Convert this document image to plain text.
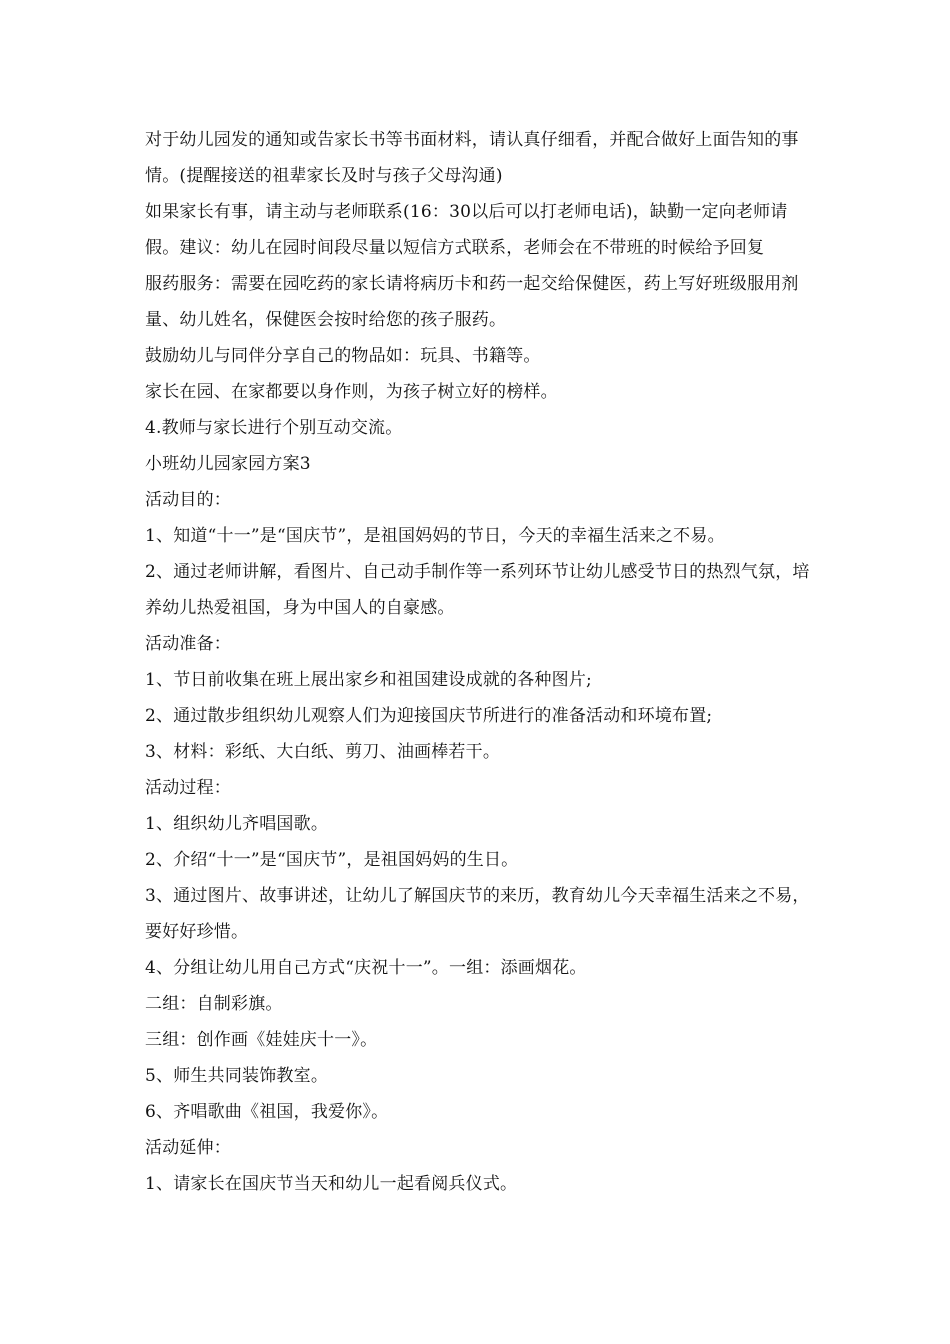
对于幼儿园发的通知或告家长书等书面材料，请认真仔细看，并配合做好上面告知的事情。(提醒接送的祖辈家长及时与孩子父母沟通)

如果家长有事，请主动与老师联系(16：30以后可以打老师电话)，缺勤一定向老师请假。建议：幼儿在园时间段尽量以短信方式联系，老师会在不带班的时候给予回复

服药服务：需要在园吃药的家长请将病历卡和药一起交给保健医，药上写好班级服用剂量、幼儿姓名，保健医会按时给您的孩子服药。

鼓励幼儿与同伴分享自己的物品如：玩具、书籍等。

家长在园、在家都要以身作则，为孩子树立好的榜样。

4.教师与家长进行个别互动交流。

小班幼儿园家园方案3

活动目的：

1、知道“十一”是“国庆节”，是祖国妈妈的节日，今天的幸福生活来之不易。

2、通过老师讲解，看图片、自己动手制作等一系列环节让幼儿感受节日的热烈气氛，培养幼儿热爱祖国，身为中国人的自豪感。

活动准备：

1、节日前收集在班上展出家乡和祖国建设成就的各种图片;

2、通过散步组织幼儿观察人们为迎接国庆节所进行的准备活动和环境布置;

3、材料：彩纸、大白纸、剪刀、油画棒若干。

活动过程：

1、组织幼儿齐唱国歌。

2、介绍“十一”是“国庆节”，是祖国妈妈的生日。

3、通过图片、故事讲述，让幼儿了解国庆节的来历，教育幼儿今天幸福生活来之不易，要好好珍惜。

4、分组让幼儿用自己方式“庆祝十一”。一组：添画烟花。

二组：自制彩旗。

三组：创作画《娃娃庆十一》。

5、师生共同装饰教室。

6、齐唱歌曲《祖国，我爱你》。

活动延伸：

1、请家长在国庆节当天和幼儿一起看阅兵仪式。
